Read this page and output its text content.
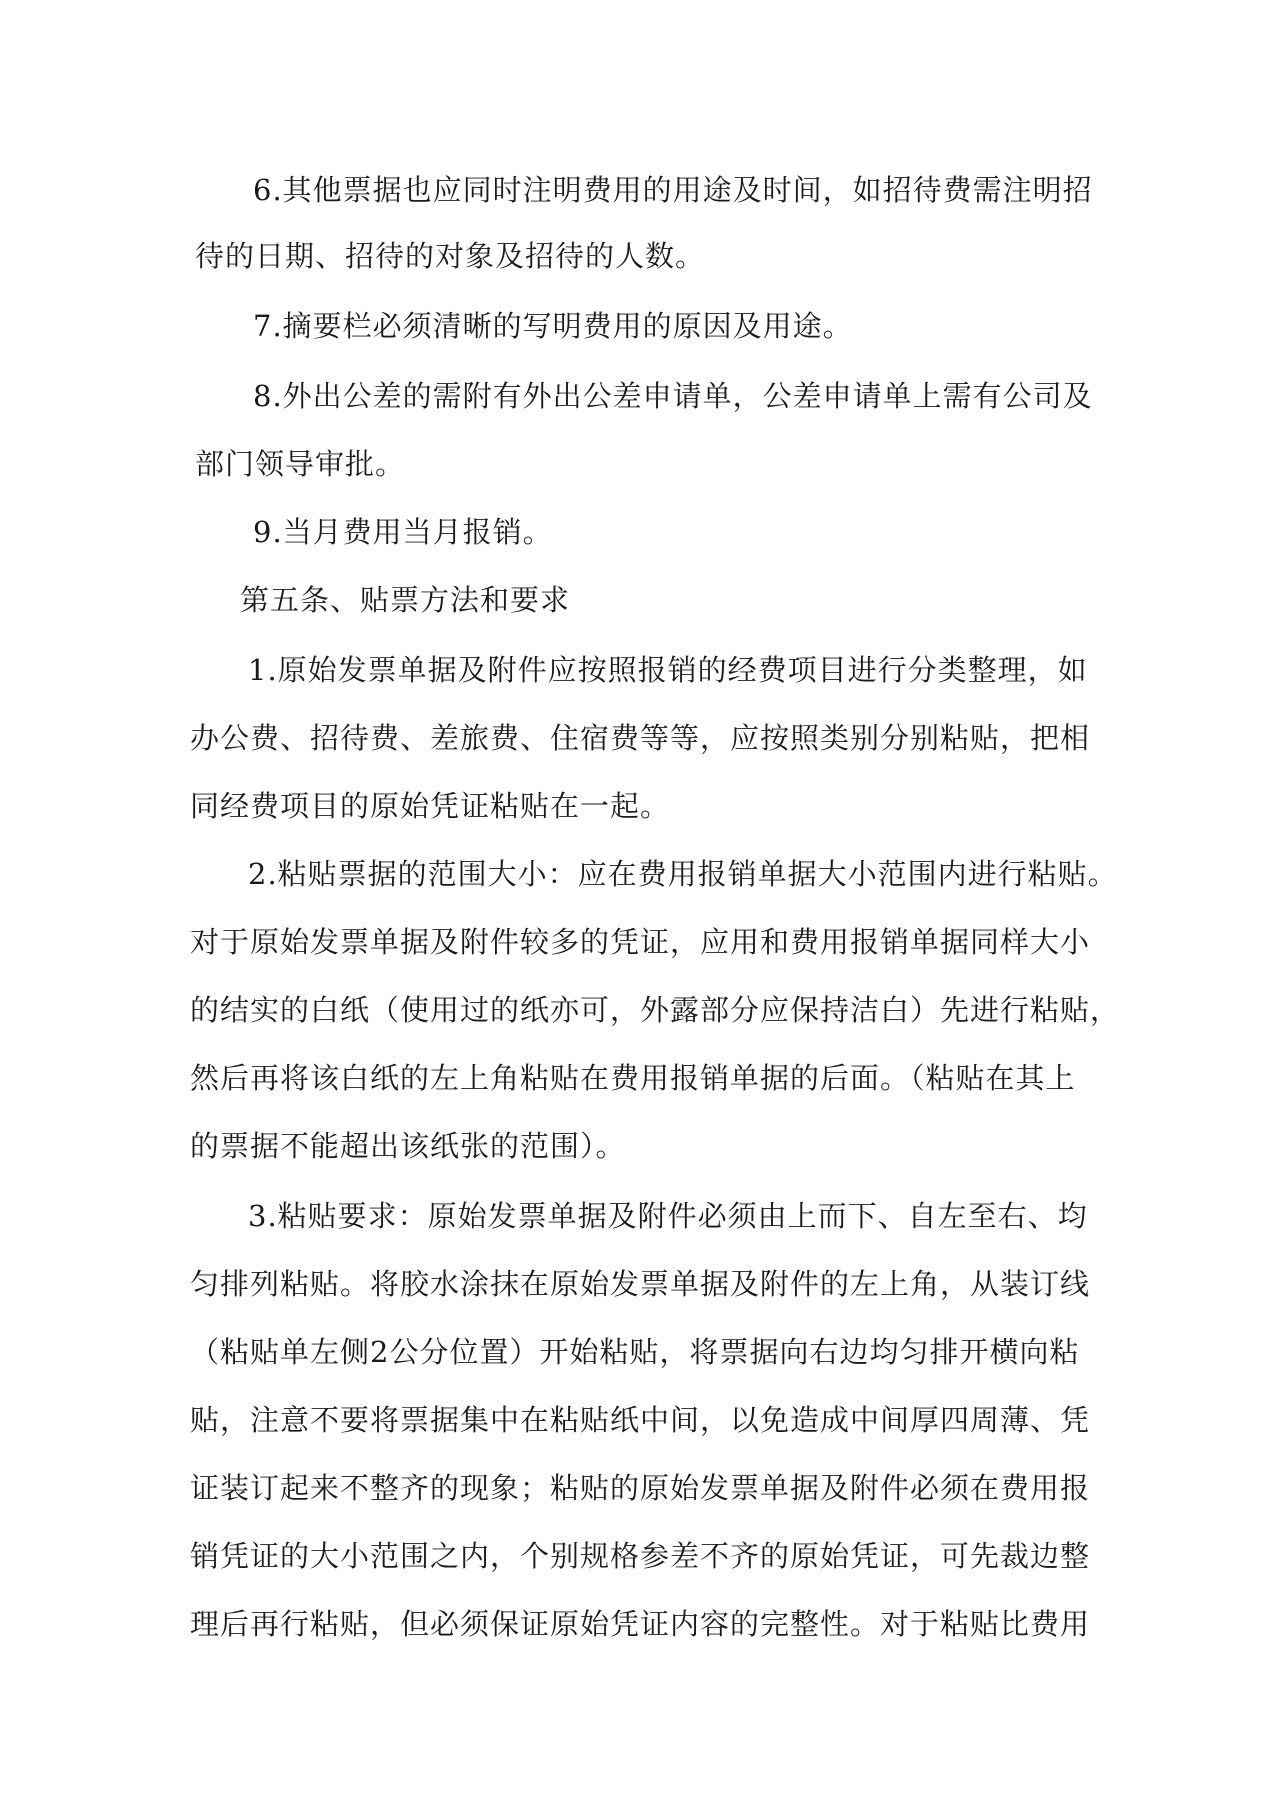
6.其他票据也应同时注明费用的用途及时间，如招待费需注明招
待的日期、招待的对象及招待的人数。
7.摘要栏必须清晰的写明费用的原因及用途。
8.外出公差的需附有外出公差申请单，公差申请单上需有公司及
部门领导审批。
9.当月费用当月报销。
第五条、贴票方法和要求
1.原始发票单据及附件应按照报销的经费项目进行分类整理，如
办公费、招待费、差旅费、住宿费等等，应按照类别分别粘贴，把相
同经费项目的原始凭证粘贴在一起。
2.粘贴票据的范围大小：应在费用报销单据大小范围内进行粘贴。
对于原始发票单据及附件较多的凭证，应用和费用报销单据同样大小
的结实的白纸（使用过的纸亦可，外露部分应保持洁白）先进行粘贴，
然后再将该白纸的左上角粘贴在费用报销单据的后面。（粘贴在其上
的票据不能超出该纸张的范围）。
3.粘贴要求：原始发票单据及附件必须由上而下、自左至右、均
匀排列粘贴。将胶水涂抹在原始发票单据及附件的左上角，从装订线
（粘贴单左侧2公分位置）开始粘贴，将票据向右边均匀排开横向粘
贴，注意不要将票据集中在粘贴纸中间，以免造成中间厚四周薄、凭
证装订起来不整齐的现象；粘贴的原始发票单据及附件必须在费用报
销凭证的大小范围之内，个别规格参差不齐的原始凭证，可先裁边整
理后再行粘贴，但必须保证原始凭证内容的完整性。对于粘贴比费用
